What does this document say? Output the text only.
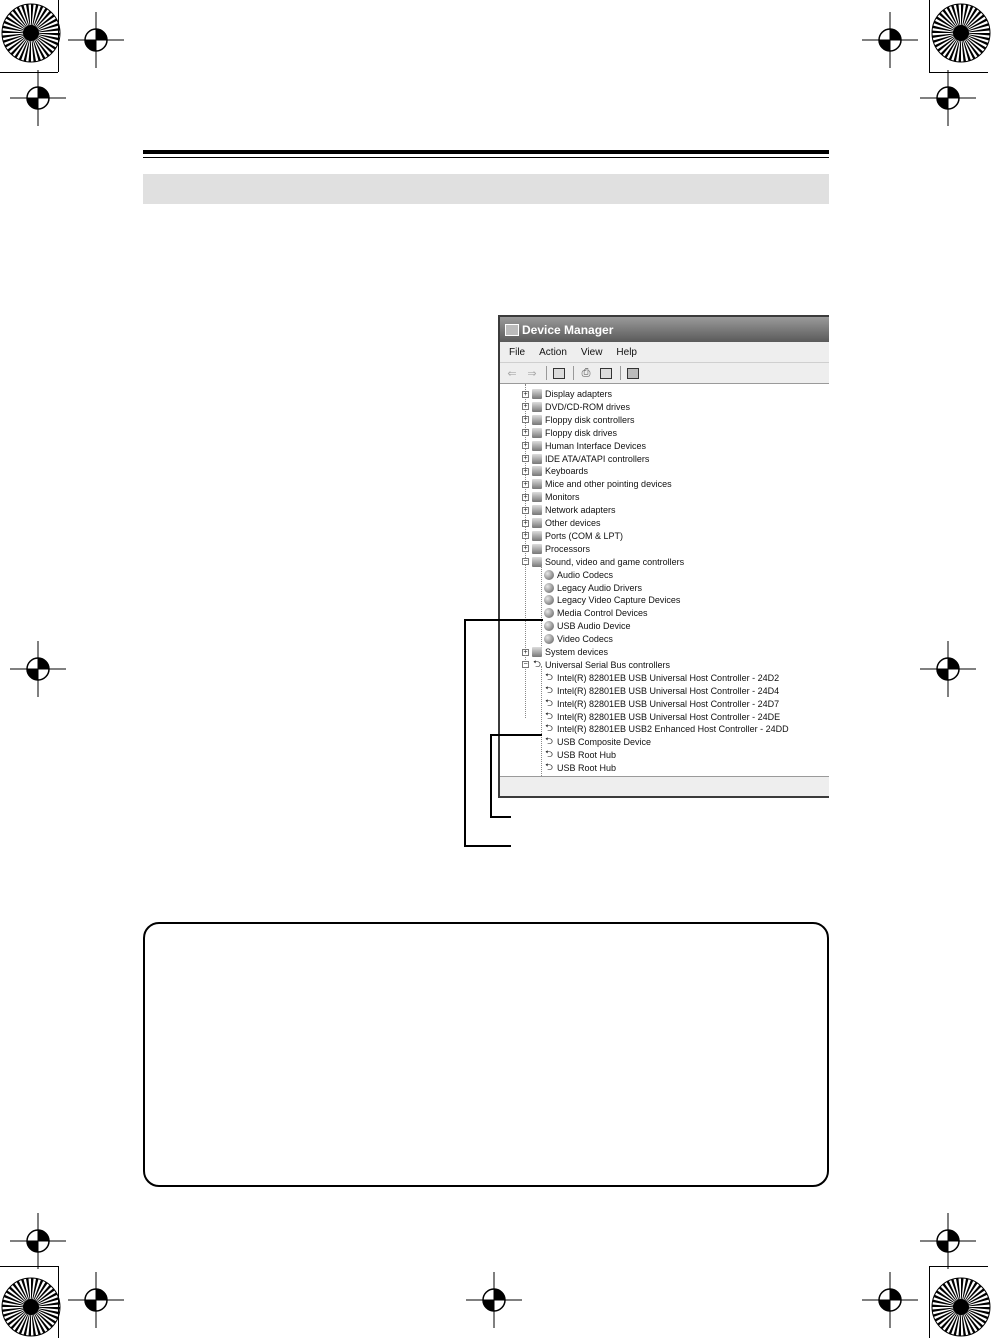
Device Manager
File Action View Help
⇐ ⇒	⎙
+ Display adapters
+ DVD/CD-ROM drives
+ Floppy disk controllers
+ Floppy disk drives
+ Human Interface Devices
+ IDE ATA/ATAPI controllers
+ Keyboards
+ Mice and other pointing devices
+ Monitors
+ Network adapters
+ Other devices
+ Ports (COM & LPT)
+ Processors
− Sound, video and game controllers
Audio Codecs
Legacy Audio Drivers
Legacy Video Capture Devices
Media Control Devices
USB Audio Device
Video Codecs
+ System devices
− ⮌ Universal Serial Bus controllers
⮌ Intel(R) 82801EB USB Universal Host Controller - 24D2
⮌ Intel(R) 82801EB USB Universal Host Controller - 24D4
⮌ Intel(R) 82801EB USB Universal Host Controller - 24D7
⮌ Intel(R) 82801EB USB Universal Host Controller - 24DE
⮌ Intel(R) 82801EB USB2 Enhanced Host Controller - 24DD
⮌ USB Composite Device
⮌ USB Root Hub
⮌ USB Root Hub
